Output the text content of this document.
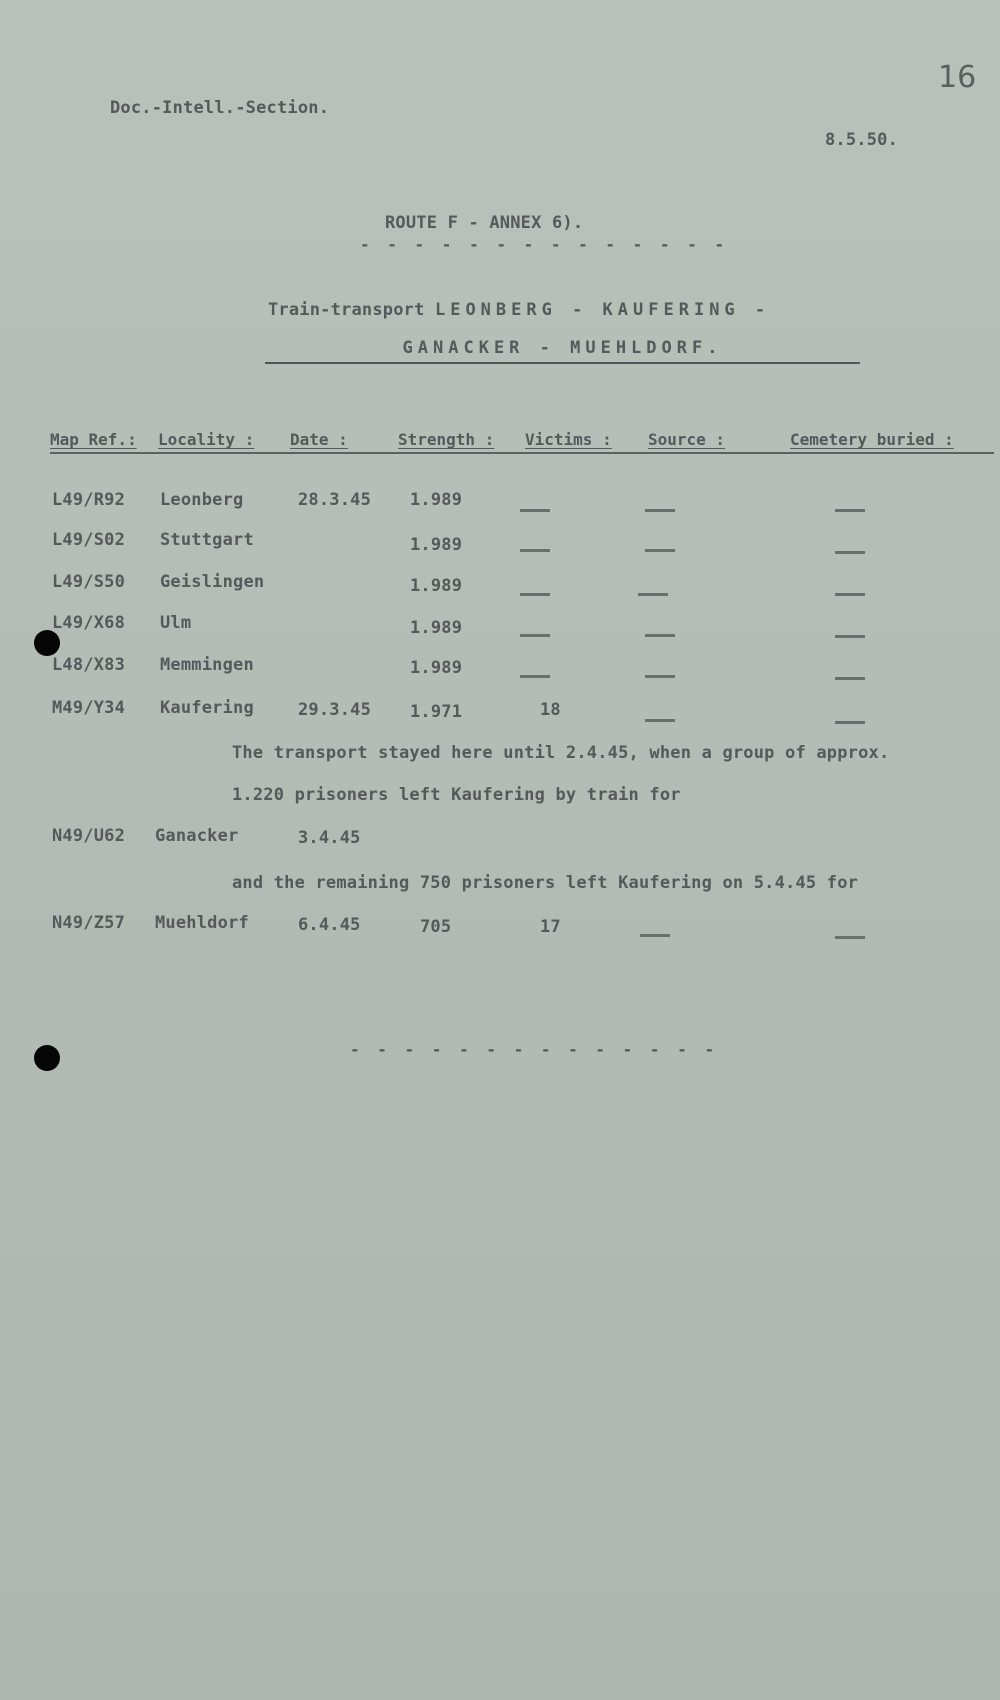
16
Doc.-Intell.-Section.
8.5.50.
ROUTE F - ANNEX 6).
- - - - - - - - - - - - - -
Train-transport LEONBERG - KAUFERING -
GANACKER - MUEHLDORF.
Map Ref.: Locality : Date :	Strength : Victims : Source :	Cemetery buried :
L49/R92 Leonberg	28.3.45 1.989
L49/S02 Stuttgart	1.989
L49/S50 Geislingen	1.989
L49/X68 Ulm	1.989
L48/X83 Memmingen	1.989
M49/Y34 Kaufering	29.3.45 1.971	18
The transport stayed here until 2.4.45, when a group of approx.
1.220 prisoners left Kaufering by train for
N49/U62 Ganacker	3.4.45
and the remaining 750 prisoners left Kaufering on 5.4.45 for
N49/Z57 Muehldorf	6.4.45	705	17
- - - - - - - - - - - - - -
